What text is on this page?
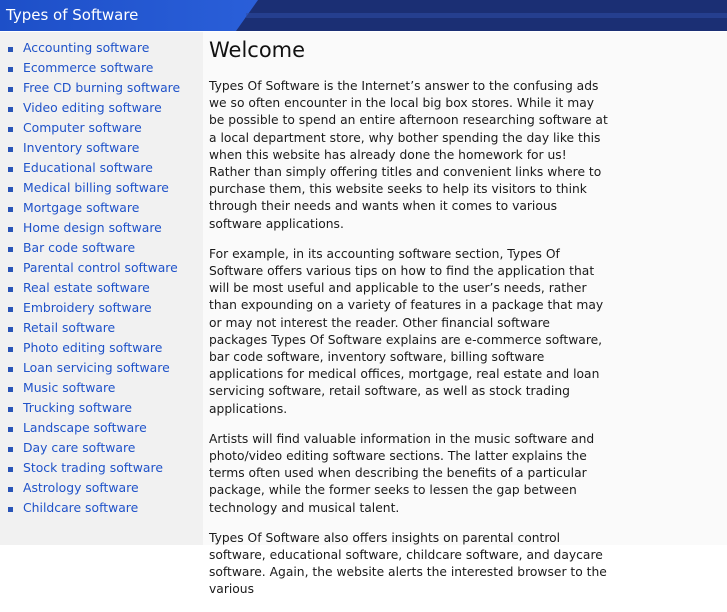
Types of Software
Accounting software
Ecommerce software
Free CD burning software
Video editing software
Computer software
Inventory software
Educational software
Medical billing software
Mortgage software
Home design software
Bar code software
Parental control software
Real estate software
Embroidery software
Retail software
Photo editing software
Loan servicing software
Music software
Trucking software
Landscape software
Day care software
Stock trading software
Astrology software
Childcare software
Welcome

Types Of Software is the Internet’s answer to the confusing ads we so often encounter in the local big box stores. While it may be possible to spend an entire afternoon researching software at a local department store, why bother spending the day like this when this website has already done the homework for us! Rather than simply offering titles and convenient links where to purchase them, this website seeks to help its visitors to think through their needs and wants when it comes to various software applications.

For example, in its accounting software section, Types Of Software offers various tips on how to find the application that will be most useful and applicable to the user’s needs, rather than expounding on a variety of features in a package that may or may not interest the reader. Other financial software packages Types Of Software explains are e-commerce software, bar code software, inventory software, billing software applications for medical offices, mortgage, real estate and loan servicing software, retail software, as well as stock trading applications.

Artists will find valuable information in the music software and photo/video editing software sections. The latter explains the terms often used when describing the benefits of a particular package, while the former seeks to lessen the gap between technology and musical talent.

Types Of Software also offers insights on parental control software, educational software, childcare software, and daycare software. Again, the website alerts the interested browser to the various
